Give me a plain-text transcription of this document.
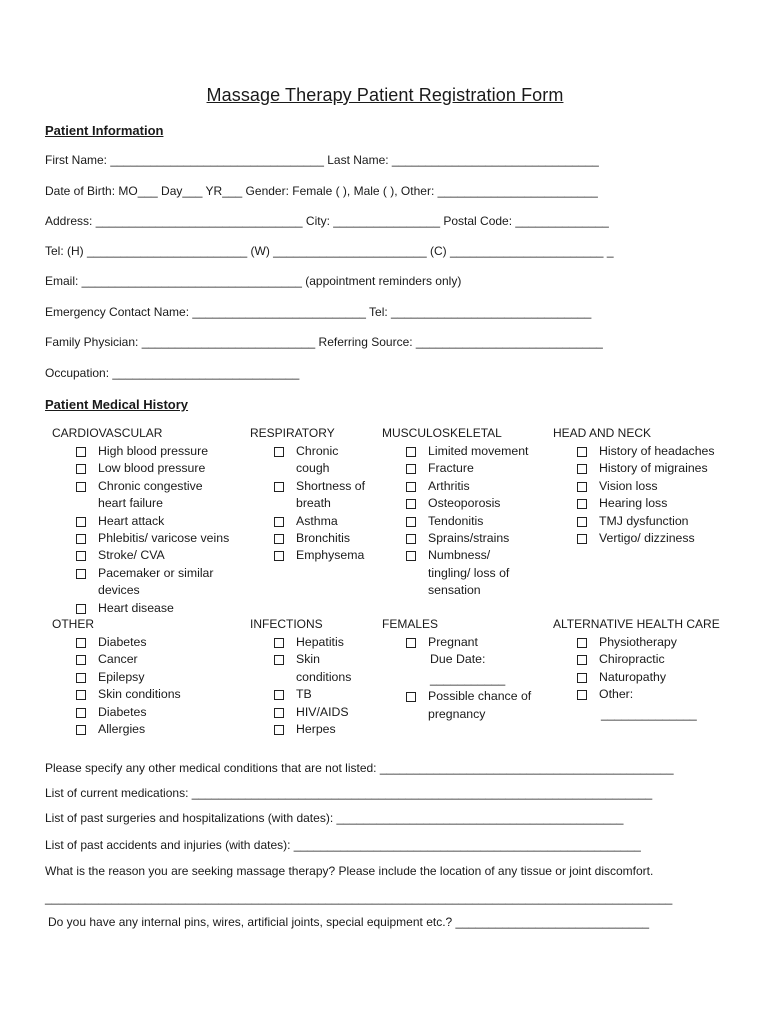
Massage Therapy Patient Registration Form
Patient Information
First Name: ________________________________ Last Name: _______________________________
Date of Birth: MO___ Day___ YR___ Gender: Female ( ), Male ( ), Other: ________________________
Address: _______________________________ City: ________________ Postal Code: ______________
Tel: (H) ________________________ (W) _______________________ (C) _______________________ _
Email: _________________________________ (appointment reminders only)
Emergency Contact Name: __________________________ Tel: ______________________________
Family Physician: __________________________ Referring Source: ____________________________
Occupation: ____________________________
Patient Medical History
CARDIOVASCULAR
High blood pressure
Low blood pressure
Chronic congestive heart failure
Heart attack
Phlebitis/ varicose veins
Stroke/ CVA
Pacemaker or similar devices
Heart disease
RESPIRATORY
Chronic cough
Shortness of breath
Asthma
Bronchitis
Emphysema
MUSCULOSKELETAL
Limited movement
Fracture
Arthritis
Osteoporosis
Tendonitis
Sprains/strains
Numbness/ tingling/ loss of sensation
HEAD AND NECK
History of headaches
History of migraines
Vision loss
Hearing loss
TMJ dysfunction
Vertigo/ dizziness
OTHER
Diabetes
Cancer
Epilepsy
Skin conditions
Diabetes
Allergies
INFECTIONS
Hepatitis
Skin conditions
TB
HIV/AIDS
Herpes
FEMALES
Pregnant
Due Date:
___________
Possible chance of pregnancy
ALTERNATIVE HEALTH CARE
Physiotherapy
Chiropractic
Naturopathy
Other:
______________
Please specify any other medical conditions that are not listed: ____________________________________________
List of current medications: _____________________________________________________________________
List of past surgeries and hospitalizations (with dates): ___________________________________________
List of past accidents and injuries (with dates): ____________________________________________________
What is the reason you are seeking massage therapy? Please include the location of any tissue or joint discomfort.
______________________________________________________________________________________________
Do you have any internal pins, wires, artificial joints, special equipment etc.? _____________________________
